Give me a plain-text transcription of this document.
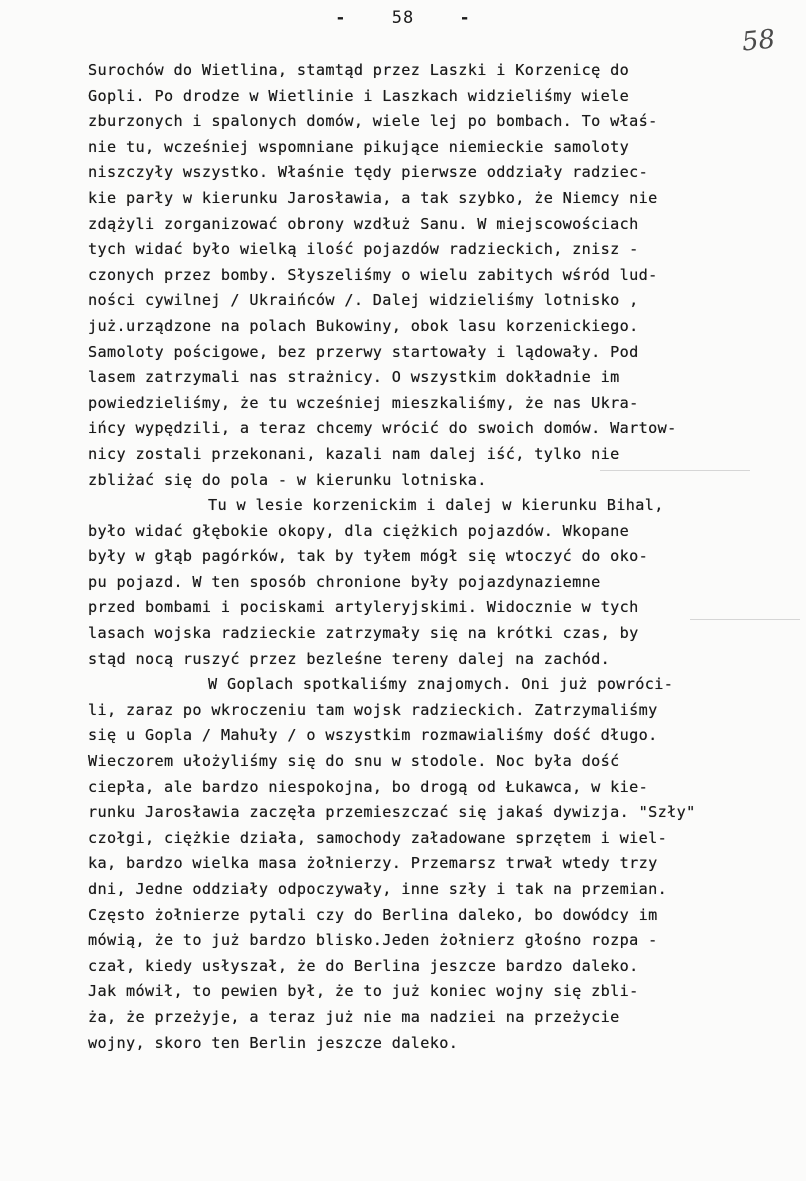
-	58	-
58
Surochów do Wietlina, stamtąd przez Laszki i Korzenicę do
Gopli. Po drodze w Wietlinie i Laszkach widzieliśmy wiele
zburzonych i spalonych domów, wiele lej po bombach. To właś-
nie tu, wcześniej wspomniane pikujące niemieckie samoloty
niszczyły wszystko. Właśnie tędy pierwsze oddziały radziec-
kie parły w kierunku Jarosławia, a tak szybko, że Niemcy nie
zdążyli zorganizować obrony wzdłuż Sanu. W miejscowościach
tych widać było wielką ilość pojazdów radzieckich, znisz -
czonych przez bomby. Słyszeliśmy o wielu zabitych wśród lud-
ności cywilnej / Ukraińców /. Dalej widzieliśmy lotnisko ,
już.urządzone na polach Bukowiny, obok lasu korzenickiego.
Samoloty pościgowe, bez przerwy startowały i lądowały. Pod
lasem zatrzymali nas strażnicy. O wszystkim dokładnie im
powiedzieliśmy, że tu wcześniej mieszkaliśmy, że nas Ukra-
ińcy wypędzili, a teraz chcemy wrócić do swoich domów. Wartow-
nicy zostali przekonani, kazali nam dalej iść, tylko nie
zbliżać się do pola - w kierunku lotniska.
Tu w lesie korzenickim i dalej w kierunku Bihal,
było widać głębokie okopy, dla ciężkich pojazdów. Wkopane
były w głąb pagórków, tak by tyłem mógł się wtoczyć do oko-
pu pojazd. W ten sposób chronione były pojazdynaziemne
przed bombami i pociskami artyleryjskimi. Widocznie w tych
lasach wojska radzieckie zatrzymały się na krótki czas, by
stąd nocą ruszyć przez bezleśne tereny dalej na zachód.
W Goplach spotkaliśmy znajomych. Oni już powróci-
li, zaraz po wkroczeniu tam wojsk radzieckich. Zatrzymaliśmy
się u Gopla / Mahuły / o wszystkim rozmawialiśmy dość długo.
Wieczorem ułożyliśmy się do snu w stodole. Noc była dość
ciepła, ale bardzo niespokojna, bo drogą od Łukawca, w kie-
runku Jarosławia zaczęła przemieszczać się jakaś dywizja. "Szły"
czołgi, ciężkie działa, samochody załadowane sprzętem i wiel-
ka, bardzo wielka masa żołnierzy. Przemarsz trwał wtedy trzy
dni, Jedne oddziały odpoczywały, inne szły i tak na przemian.
Często żołnierze pytali czy do Berlina daleko, bo dowódcy im
mówią, że to już bardzo blisko.Jeden żołnierz głośno rozpa -
czał, kiedy usłyszał, że do Berlina jeszcze bardzo daleko.
Jak mówił, to pewien był, że to już koniec wojny się zbli-
ża, że przeżyje, a teraz już nie ma nadziei na przeżycie
wojny, skoro ten Berlin jeszcze daleko.
